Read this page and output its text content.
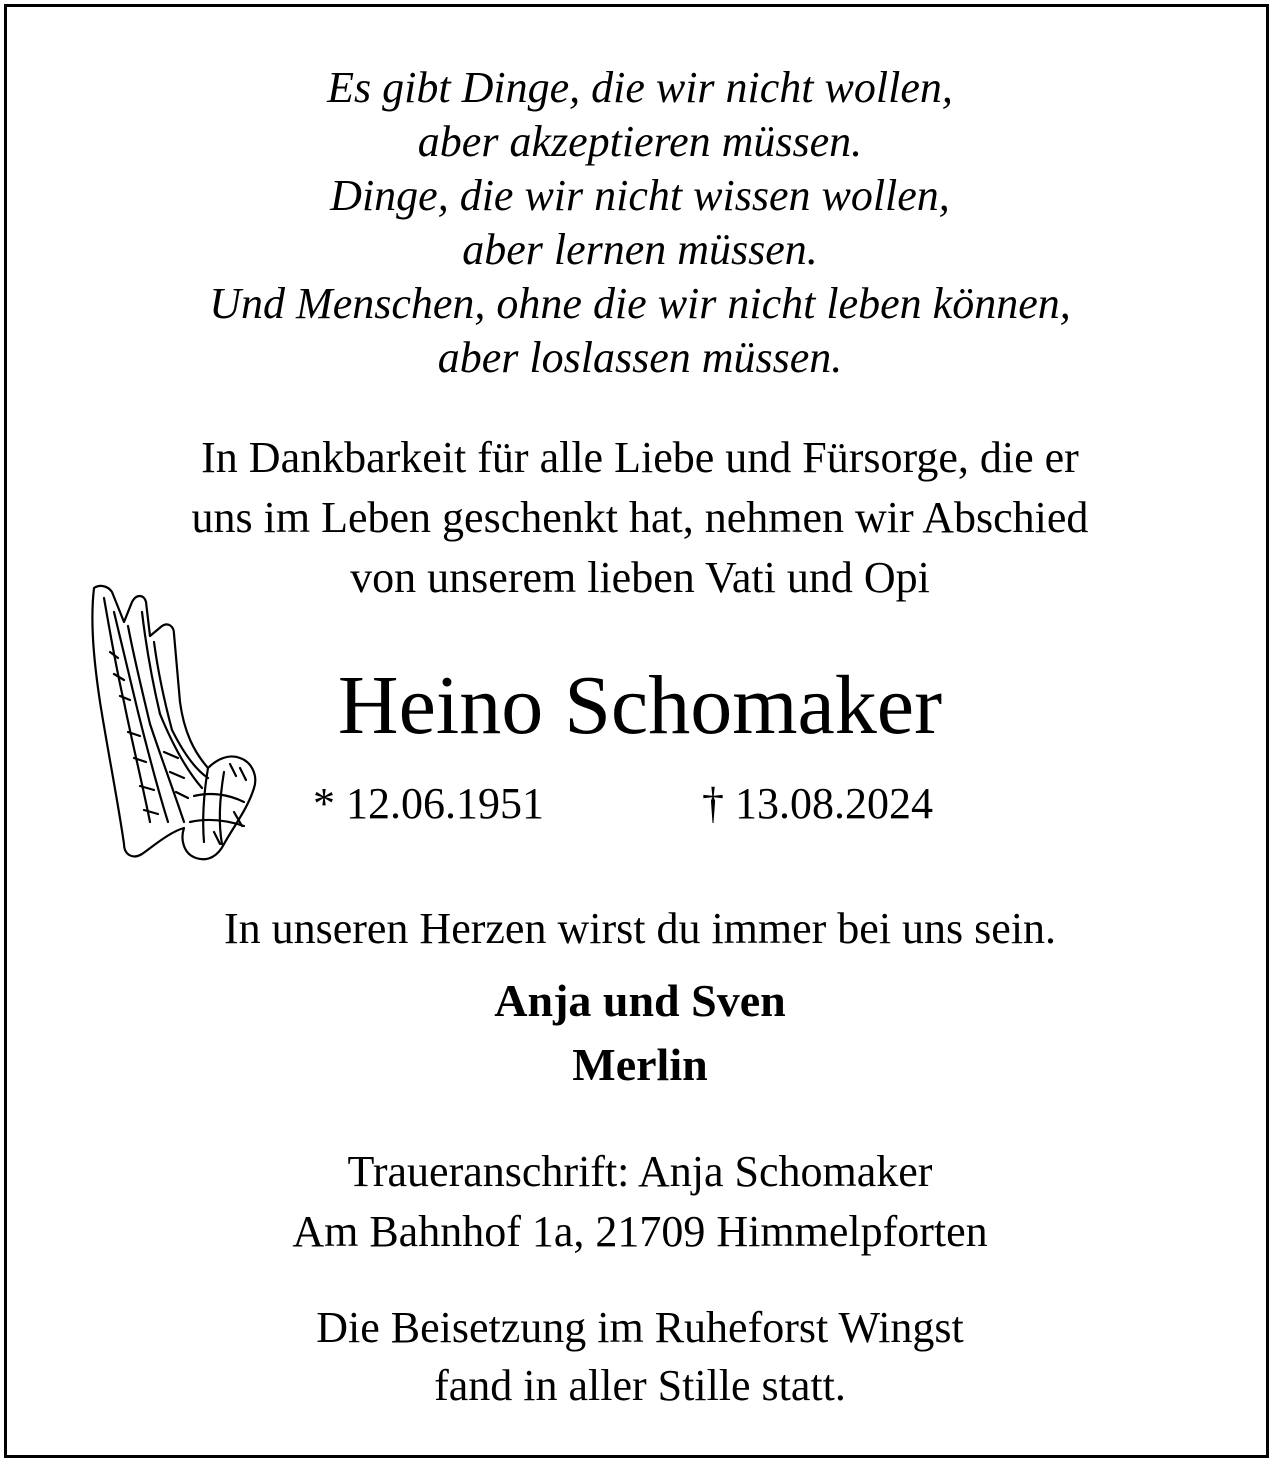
Es gibt Dinge, die wir nicht wollen,
aber akzeptieren müssen.
Dinge, die wir nicht wissen wollen,
aber lernen müssen.
Und Menschen, ohne die wir nicht leben können,
aber loslassen müssen.
In Dankbarkeit für alle Liebe und Fürsorge, die er
uns im Leben geschenkt hat, nehmen wir Abschied
von unserem lieben Vati und Opi
Heino Schomaker
* 12.06.1951	† 13.08.2024
In unseren Herzen wirst du immer bei uns sein.
Anja und Sven
Merlin
Traueranschrift: Anja Schomaker
Am Bahnhof 1a, 21709 Himmelpforten
Die Beisetzung im Ruheforst Wingst
fand in aller Stille statt.
